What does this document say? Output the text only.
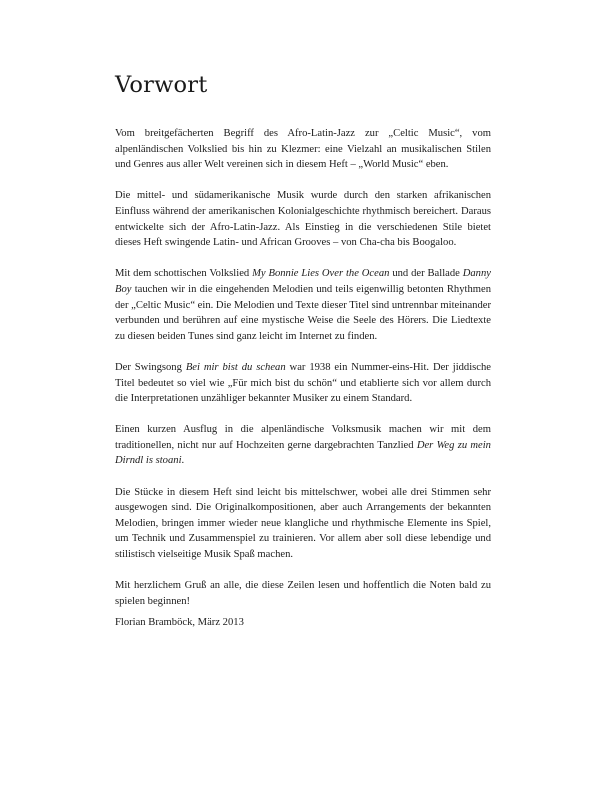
Vorwort

Vom breitgefächerten Begriff des Afro-Latin-Jazz zur „Celtic Music“, vom alpenländischen Volkslied bis hin zu Klezmer: eine Vielzahl an musikalischen Stilen und Genres aus aller Welt vereinen sich in diesem Heft – „World Music“ eben.

Die mittel- und südamerikanische Musik wurde durch den starken afrikanischen Einfluss während der amerikanischen Kolonialgeschichte rhythmisch bereichert. Daraus entwickelte sich der Afro-Latin-Jazz. Als Einstieg in die verschiedenen Stile bietet dieses Heft swingende Latin- und African Grooves – von Cha-cha bis Boogaloo.

Mit dem schottischen Volkslied My Bonnie Lies Over the Ocean und der Ballade Danny Boy tauchen wir in die eingehenden Melodien und teils eigenwillig betonten Rhythmen der „Celtic Music“ ein. Die Melodien und Texte dieser Titel sind untrennbar miteinander verbunden und berühren auf eine mystische Weise die Seele des Hörers. Die Liedtexte zu diesen beiden Tunes sind ganz leicht im Internet zu finden.

Der Swingsong Bei mir bist du schean war 1938 ein Nummer-eins-Hit. Der jiddische Titel bedeutet so viel wie „Für mich bist du schön“ und etablierte sich vor allem durch die Interpretationen unzähliger bekannter Musiker zu einem Standard.

Einen kurzen Ausflug in die alpenländische Volksmusik machen wir mit dem traditionellen, nicht nur auf Hochzeiten gerne dargebrachten Tanzlied Der Weg zu mein Dirndl is stoani.

Die Stücke in diesem Heft sind leicht bis mittelschwer, wobei alle drei Stimmen sehr ausgewogen sind. Die Originalkompositionen, aber auch Arrangements der bekannten Melodien, bringen immer wieder neue klangliche und rhythmische Elemente ins Spiel, um Technik und Zusammenspiel zu trainieren. Vor allem aber soll diese lebendige und stilistisch vielseitige Musik Spaß machen.

Mit herzlichem Gruß an alle, die diese Zeilen lesen und hoffentlich die Noten bald zu spielen beginnen!

Florian Bramböck, März 2013
